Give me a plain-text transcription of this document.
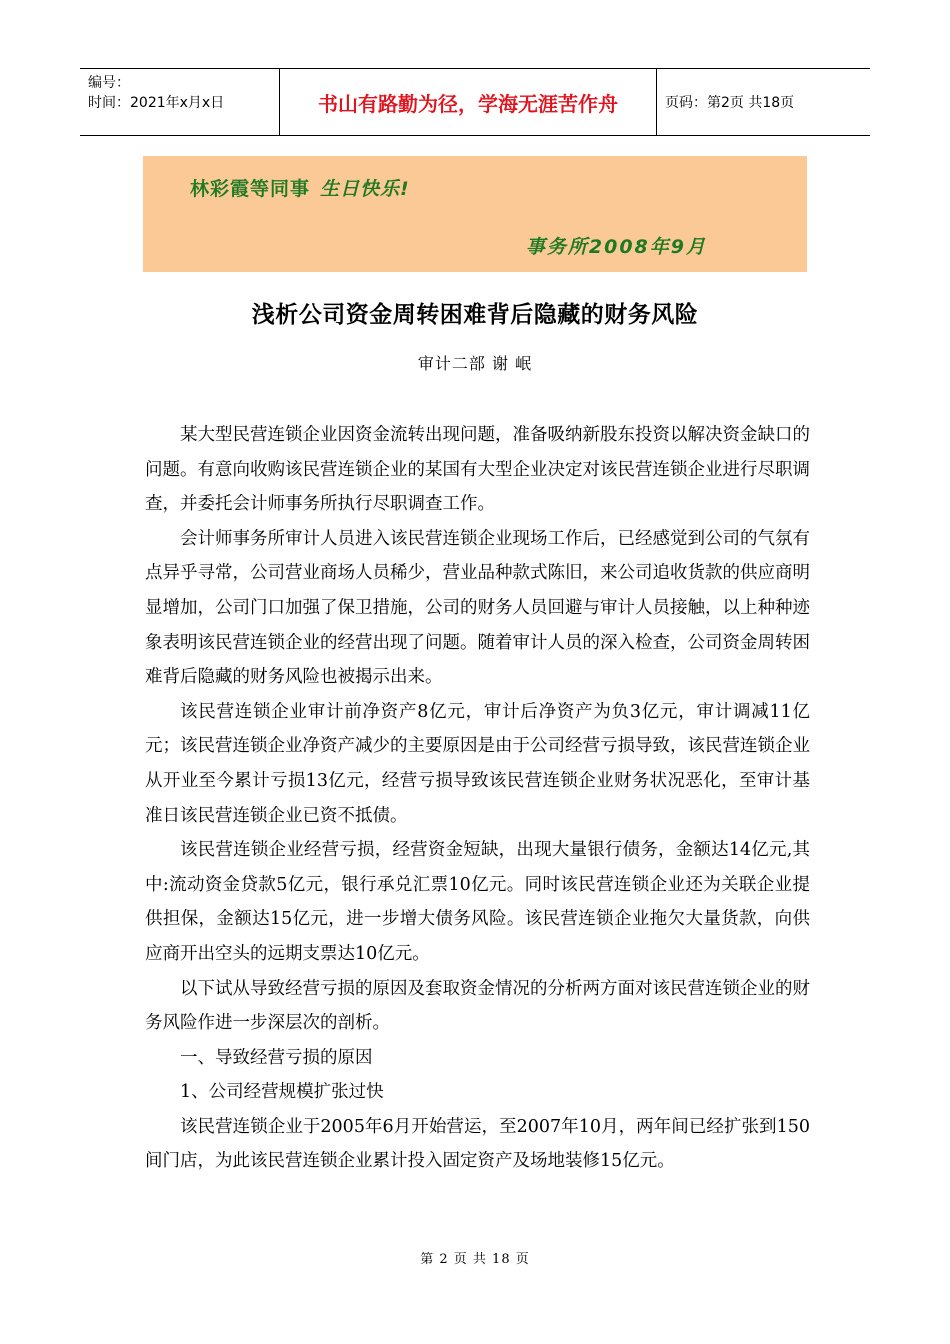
编号：
时间：2021年x月x日	书山有路勤为径，学海无涯苦作舟	页码：第2页 共18页
林彩霞等同事 生日快乐!
事务所2008年9月
浅析公司资金周转困难背后隐藏的财务风险
审计二部 谢 岷

某大型民营连锁企业因资金流转出现问题，准备吸纳新股东投资以解决资金缺口的问题。有意向收购该民营连锁企业的某国有大型企业决定对该民营连锁企业进行尽职调查，并委托会计师事务所执行尽职调查工作。

会计师事务所审计人员进入该民营连锁企业现场工作后，已经感觉到公司的气氛有点异乎寻常，公司营业商场人员稀少，营业品种款式陈旧，来公司追收货款的供应商明显增加，公司门口加强了保卫措施，公司的财务人员回避与审计人员接触，以上种种迹象表明该民营连锁企业的经营出现了问题。随着审计人员的深入检查，公司资金周转困难背后隐藏的财务风险也被揭示出来。

该民营连锁企业审计前净资产8亿元，审计后净资产为负3亿元，审计调减11亿元；该民营连锁企业净资产减少的主要原因是由于公司经营亏损导致，该民营连锁企业从开业至今累计亏损13亿元，经营亏损导致该民营连锁企业财务状况恶化，至审计基准日该民营连锁企业已资不抵债。

该民营连锁企业经营亏损，经营资金短缺，出现大量银行债务，金额达14亿元,其中:流动资金贷款5亿元，银行承兑汇票10亿元。同时该民营连锁企业还为关联企业提供担保，金额达15亿元，进一步增大债务风险。该民营连锁企业拖欠大量货款，向供应商开出空头的远期支票达10亿元。

以下试从导致经营亏损的原因及套取资金情况的分析两方面对该民营连锁企业的财务风险作进一步深层次的剖析。

一、导致经营亏损的原因

1、公司经营规模扩张过快

该民营连锁企业于2005年6月开始营运，至2007年10月，两年间已经扩张到150间门店，为此该民营连锁企业累计投入固定资产及场地装修15亿元。

第 2 页 共 18 页
